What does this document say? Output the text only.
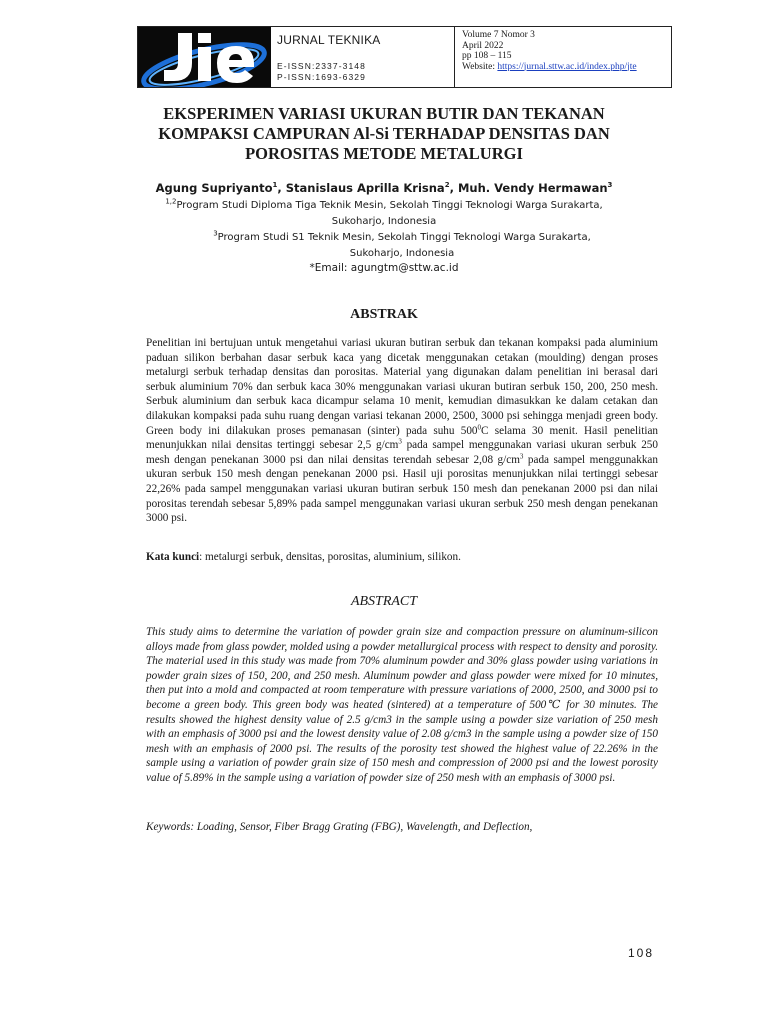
JURNAL TEKNIKA
E-ISSN:2337-3148
P-ISSN:1693-6329
Volume 7 Nomor 3
April 2022
pp 108 – 115
Website: https://jurnal.sttw.ac.id/index.php/jte
EKSPERIMEN VARIASI UKURAN BUTIR DAN TEKANAN
KOMPAKSI CAMPURAN Al-Si TERHADAP DENSITAS DAN
POROSITAS METODE METALURGI
Agung Supriyanto$^1$, Stanislaus Aprilla Krisna$^2$, Muh. Vendy Hermawan$^3$
$^{1,2}$Program Studi Diploma Tiga Teknik Mesin, Sekolah Tinggi Teknologi Warga Surakarta,
Sukoharjo, Indonesia
$^3$Program Studi S1 Teknik Mesin, Sekolah Tinggi Teknologi Warga Surakarta,
Sukoharjo, Indonesia
*Email: agungtm@sttw.ac.id
ABSTRAK

Penelitian ini bertujuan untuk mengetahui variasi ukuran butiran serbuk dan tekanan kompaksi pada aluminium paduan silikon berbahan dasar serbuk kaca yang dicetak menggunakan cetakan (moulding) dengan proses metalurgi serbuk terhadap densitas dan porositas. Material yang digunakan dalam penelitian ini berasal dari serbuk aluminium 70% dan serbuk kaca 30% menggunakan variasi ukuran butiran serbuk 150, 200, 250 mesh. Serbuk aluminium dan serbuk kaca dicampur selama 10 menit, kemudian dimasukkan ke dalam cetakan dan dilakukan kompaksi pada suhu ruang dengan variasi tekanan 2000, 2500, 3000 psi sehingga menjadi green body. Green body ini dilakukan proses pemanasan (sinter) pada suhu $500^0C$ selama 30 menit. Hasil penelitian menunjukkan nilai densitas tertinggi sebesar 2,5 $g/cm^3$ pada sampel menggunakan variasi ukuran serbuk 250 mesh dengan penekanan 3000 psi dan nilai densitas terendah sebesar 2,08 $g/cm^3$ pada sampel menggunakkan ukuran serbuk 150 mesh dengan penekanan 2000 psi. Hasil uji porositas menunjukkan nilai tertinggi sebesar 22,26% pada sampel menggunakan variasi ukuran butiran serbuk 150 mesh dan penekanan 2000 psi dan nilai porositas terendah sebesar 5,89% pada sampel menggunakan variasi ukuran serbuk 250 mesh dengan penekanan 3000 psi.

Kata kunci: metalurgi serbuk, densitas, porositas, aluminium, silikon.
ABSTRACT

This study aims to determine the variation of powder grain size and compaction pressure on aluminum-silicon alloys made from glass powder, molded using a powder metallurgical process with respect to density and porosity. The material used in this study was made from 70% aluminum powder and 30% glass powder using variations in powder grain sizes of 150, 200, and 250 mesh. Aluminum powder and glass powder were mixed for 10 minutes, then put into a mold and compacted at room temperature with pressure variations of 2000, 2500, and 3000 psi to become a green body. This green body was heated (sintered) at a temperature of 500℃ for 30 minutes. The results showed the highest density value of 2.5 g/cm3 in the sample using a powder size variation of 250 mesh with an emphasis of 3000 psi and the lowest density value of 2.08 g/cm3 in the sample using a powder size of 150 mesh with an emphasis of 2000 psi. The results of the porosity test showed the highest value of 22.26% in the sample using a variation of powder grain size of 150 mesh and compression of 2000 psi and the lowest porosity value of 5.89% in the sample using a variation of powder size of 250 mesh with an emphasis of 3000 psi.

Keywords: Loading, Sensor, Fiber Bragg Grating (FBG), Wavelength, and Deflection,
108
